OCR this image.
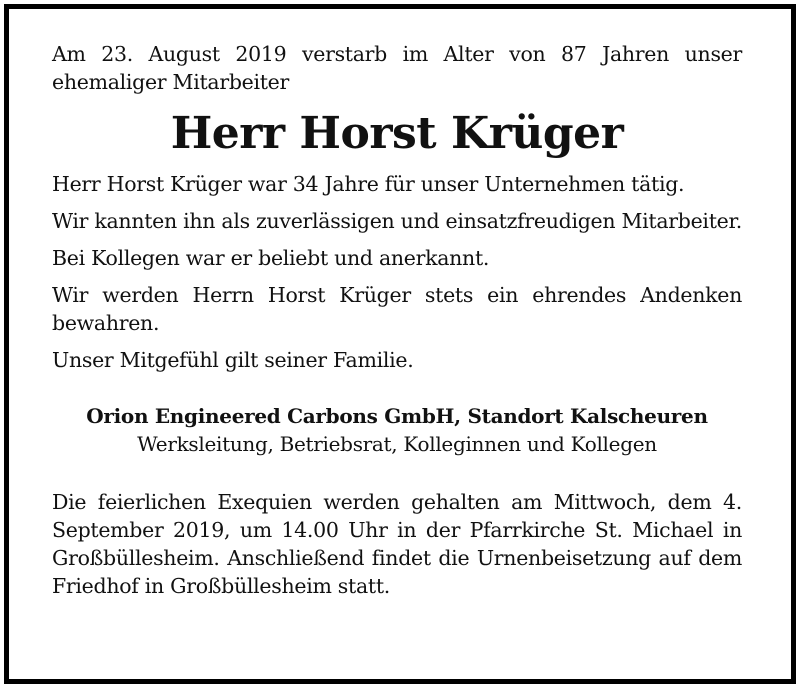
Am 23. August 2019 verstarb im Alter von 87 Jahren unser ehemaliger Mitarbeiter

Herr Horst Krüger

Herr Horst Krüger war 34 Jahre für unser Unternehmen tätig.

Wir kannten ihn als zuverlässigen und einsatzfreudigen Mitarbeiter.

Bei Kollegen war er beliebt und anerkannt.

Wir werden Herrn Horst Krüger stets ein ehrendes Andenken bewahren.

Unser Mitgefühl gilt seiner Familie.

Orion Engineered Carbons GmbH, Standort Kalscheuren

Werksleitung, Betriebsrat, Kolleginnen und Kollegen

Die feierlichen Exequien werden gehalten am Mittwoch, dem 4. September 2019, um 14.00 Uhr in der Pfarrkirche St. Michael in Großbüllesheim. Anschließend findet die Urnenbeisetzung auf dem Friedhof in Großbüllesheim statt.
